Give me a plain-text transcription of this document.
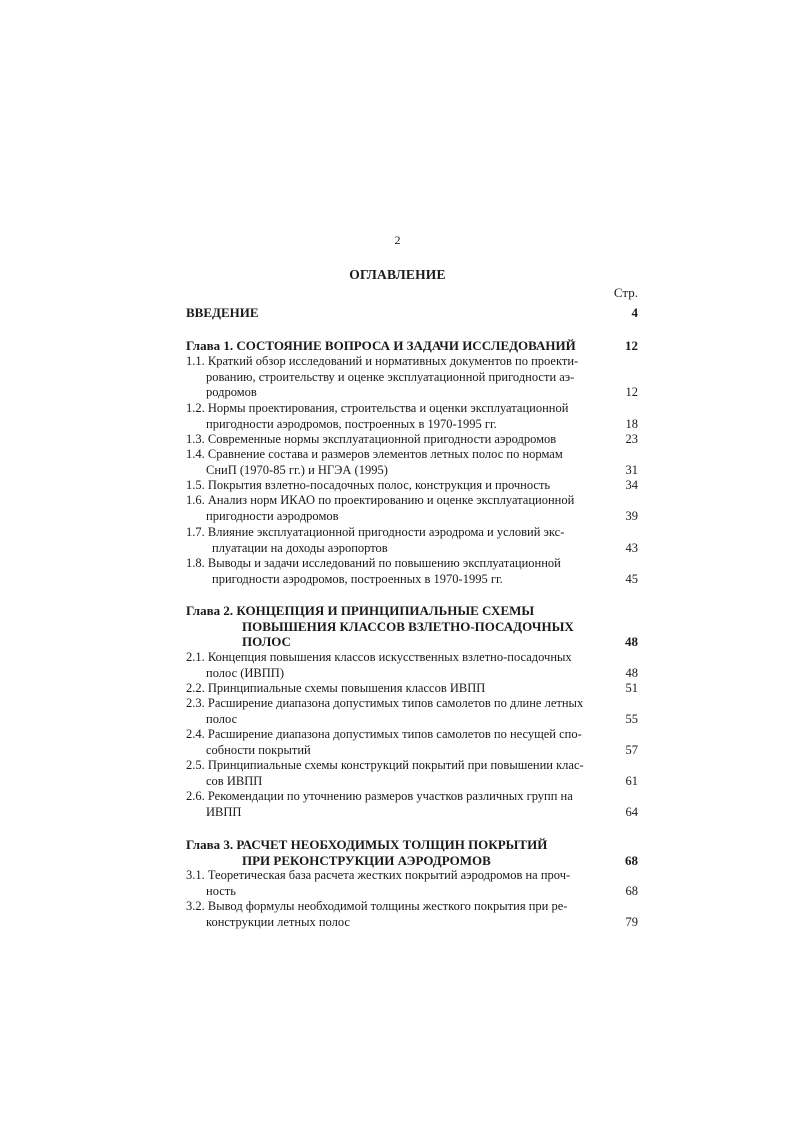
2
ОГЛАВЛЕНИЕ
Стр.
ВВЕДЕНИЕ	4
Глава 1. СОСТОЯНИЕ ВОПРОСА И ЗАДАЧИ ИССЛЕДОВАНИЙ	12
1.1. Краткий обзор исследований и нормативных документов по проекти-
рованию, строительству и оценке эксплуатационной пригодности аэ-
родромов	12
1.2. Нормы проектирования, строительства и оценки эксплуатационной
пригодности аэродромов, построенных в 1970-1995 гг.	18
1.3. Современные нормы эксплуатационной пригодности аэродромов	23
1.4. Сравнение состава и размеров элементов летных полос по нормам
СниП (1970-85 гг.) и НГЭА (1995)	31
1.5. Покрытия взлетно-посадочных полос, конструкция и прочность	34
1.6. Анализ норм ИКАО по проектированию и оценке эксплуатационной
пригодности аэродромов	39
1.7. Влияние эксплуатационной пригодности аэродрома и условий экс-
плуатации на доходы аэропортов	43
1.8. Выводы и задачи исследований по повышению эксплуатационной
пригодности аэродромов, построенных в 1970-1995 гг.	45
Глава 2. КОНЦЕПЦИЯ И ПРИНЦИПИАЛЬНЫЕ СХЕМЫ
ПОВЫШЕНИЯ КЛАССОВ ВЗЛЕТНО-ПОСАДОЧНЫХ
ПОЛОС	48
2.1. Концепция повышения классов искусственных взлетно-посадочных
полос (ИВПП)	48
2.2. Принципиальные схемы повышения классов ИВПП	51
2.3. Расширение диапазона допустимых типов самолетов по длине летных
полос	55
2.4. Расширение диапазона допустимых типов самолетов по несущей спо-
собности покрытий	57
2.5. Принципиальные схемы конструкций покрытий при повышении клас-
сов ИВПП	61
2.6. Рекомендации по уточнению размеров участков различных групп на
ИВПП	64
Глава 3. РАСЧЕТ НЕОБХОДИМЫХ ТОЛЩИН ПОКРЫТИЙ
ПРИ РЕКОНСТРУКЦИИ АЭРОДРОМОВ	68
3.1. Теоретическая база расчета жестких покрытий аэродромов на проч-
ность	68
3.2. Вывод формулы необходимой толщины жесткого покрытия при ре-
конструкции летных полос	79
